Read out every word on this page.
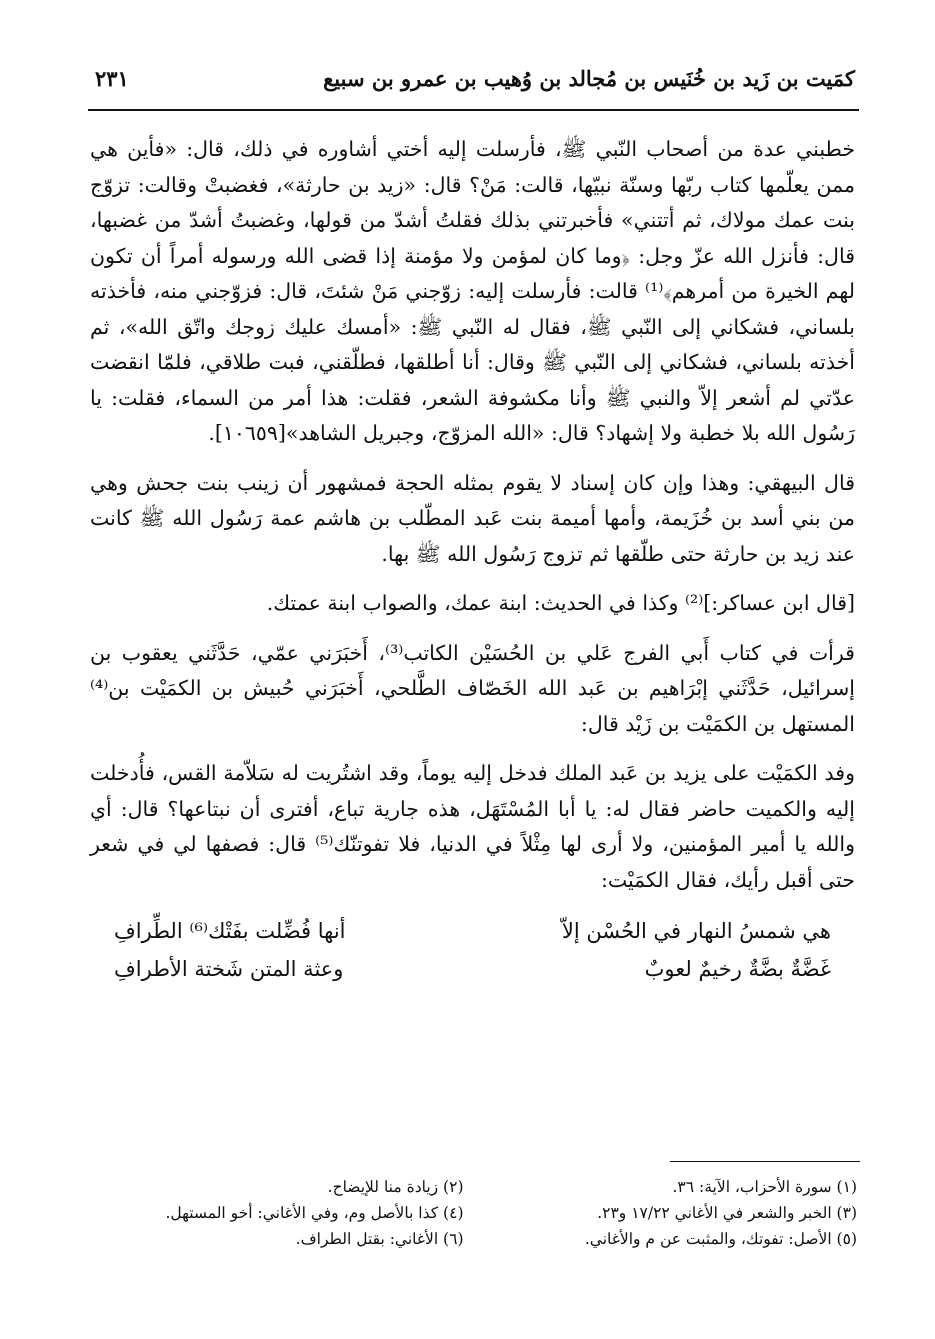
كمَيت بن زَيد بن خُنَيس بن مُجالد بن وُهيب بن عمرو بن سبيع
٢٣١

خطبني عدة من أصحاب النّبي ﷺ، فأرسلت إليه أختي أشاوره في ذلك، قال: «فأين هي ممن يعلّمها كتاب ربّها وسنّة نبيّها، قالت: مَنْ؟ قال: «زيد بن حارثة»، فغضبتْ وقالت: تزوّج بنت عمك مولاك، ثم أتتني» فأخبرتني بذلك فقلتُ أشدّ من قولها، وغضبتُ أشدّ من غضبها، قال: فأنزل الله عزّ وجل: ﴿وما كان لمؤمن ولا مؤمنة إذا قضى الله ورسوله أمراً أن تكون لهم الخيرة من أمرهم﴾⁽¹⁾ قالت: فأرسلت إليه: زوّجني مَنْ شئتَ، قال: فزوّجني منه، فأخذته بلساني، فشكاني إلى النّبي ﷺ، فقال له النّبي ﷺ: «أمسك عليك زوجك واتّق الله»، ثم أخذته بلساني، فشكاني إلى النّبي ﷺ وقال: أنا أطلقها، فطلّقني، فبت طلاقي، فلمّا انقضت عدّتي لم أشعر إلاّ والنبي ﷺ وأنا مكشوفة الشعر، فقلت: هذا أمر من السماء، فقلت: يا رَسُول الله بلا خطبة ولا إشهاد؟ قال: «الله المزوّج، وجبريل الشاهد»[١٠٦٥٩].

قال البيهقي: وهذا وإن كان إسناد لا يقوم بمثله الحجة فمشهور أن زينب بنت جحش وهي من بني أسد بن خُزَيمة، وأمها أميمة بنت عَبد المطّلب بن هاشم عمة رَسُول الله ﷺ كانت عند زيد بن حارثة حتى طلّقها ثم تزوج رَسُول الله ﷺ بها.

[قال ابن عساكر:]⁽²⁾ وكذا في الحديث: ابنة عمك، والصواب ابنة عمتك.

قرأت في كتاب أَبي الفرج عَلي بن الحُسَيْن الكاتب⁽³⁾، أَخبَرَني عمّي، حَدَّثَني يعقوب بن إسرائيل، حَدَّثَني إبْرَاهيم بن عَبد الله الخَصّاف الطَّلحي، أَخبَرَني حُبيش بن الكمَيْت بن⁽⁴⁾ المستهل بن الكمَيْت بن زَيْد قال:

وفد الكمَيْت على يزيد بن عَبد الملك فدخل إليه يوماً، وقد اشتُريت له سَلاّمة القس، فأُدخلت إليه والكميت حاضر فقال له: يا أبا المُسْتَهَل، هذه جارية تباع، أفترى أن نبتاعها؟ قال: أي والله يا أمير المؤمنين، ولا أرى لها مِثْلاً في الدنيا، فلا تفوتنّك⁽⁵⁾ قال: فصفها لي في شعر حتى أقبل رأيك، فقال الكمَيْت:

هي شمسُ النهار في الحُسْن إلاّ
أنها فُضِّلت بفَتْك⁽⁶⁾ الطِّرافِ
غَضَّةٌ بضَّةٌ رخيمٌ لعوبٌ
وعثة المتن شَختة الأطرافِ
(١) سورة الأحزاب، الآية: ٣٦.
(٢) زيادة منا للإيضاح.
(٣) الخبر والشعر في الأغاني ١٧/٢٢ و٢٣.
(٤) كذا بالأصل وم، وفي الأغاني: أخو المستهل.
(٥) الأصل: تفوتك، والمثبت عن م والأغاني.
(٦) الأغاني: بقتل الطراف.
